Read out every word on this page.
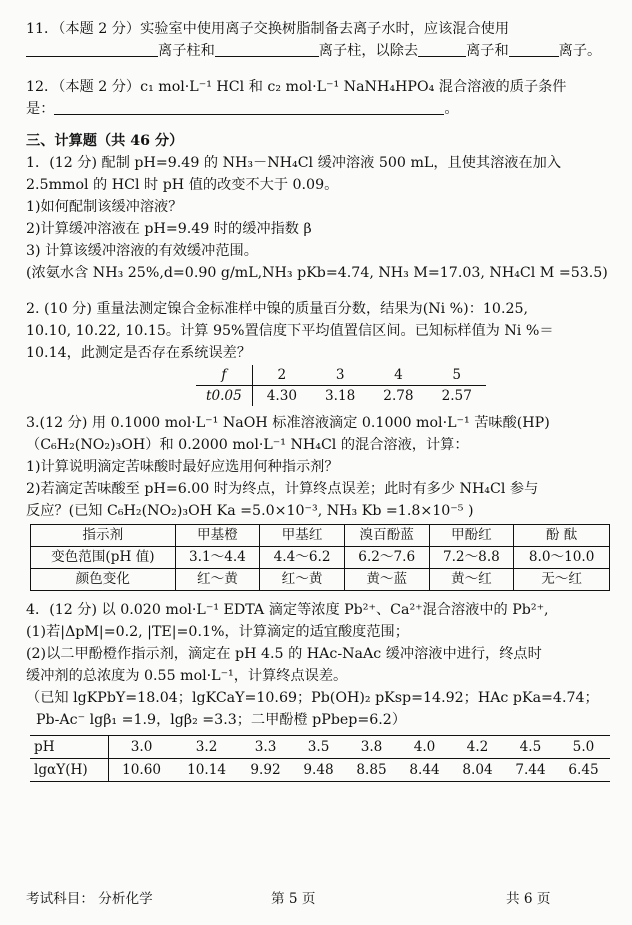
11．（本题 2 分）实验室中使用离子交换树脂制备去离子水时，应该混合使用

离子柱和	离子柱，以除去	离子和	离子。

12．（本题 2 分）c₁ mol·L⁻¹ HCl 和 c₂ mol·L⁻¹ NaNH₄HPO₄ 混合溶液的质子条件

是：	。

三、计算题（共 46 分）

1．(12 分) 配制 pH=9.49 的 NH₃－NH₄Cl 缓冲溶液 500 mL，且使其溶液在加入

2.5mmol 的 HCl 时 pH 值的改变不大于 0.09。

1)如何配制该缓冲溶液？

2)计算缓冲溶液在 pH=9.49 时的缓冲指数 β

3) 计算该缓冲溶液的有效缓冲范围。

(浓氨水含 NH₃ 25%,d=0.90 g/mL,NH₃ pKb=4.74, NH₃ M=17.03, NH₄Cl M =53.5)

2. (10 分) 重量法测定镍合金标准样中镍的质量百分数，结果为(Ni %)：10.25,

10.10, 10.22, 10.15。计算 95%置信度下平均值置信区间。已知标样值为 Ni %＝

10.14，此测定是否存在系统误差？

f	2	3	4	5
t0.05	4.30	3.18	2.78	2.57

3.(12 分) 用 0.1000 mol·L⁻¹ NaOH 标准溶液滴定 0.1000 mol·L⁻¹ 苦味酸(HP)

（C₆H₂(NO₂)₃OH）和 0.2000 mol·L⁻¹ NH₄Cl 的混合溶液，计算：

1)计算说明滴定苦味酸时最好应选用何种指示剂？

2)若滴定苦味酸至 pH=6.00 时为终点，计算终点误差；此时有多少 NH₄Cl 参与

反应？(已知 C₆H₂(NO₂)₃OH Ka =5.0×10⁻³, NH₃ Kb =1.8×10⁻⁵ )

指示剂	甲基橙	甲基红	溴百酚蓝	甲酚红	酚 酞
变色范围(pH 值)	3.1～4.4	4.4～6.2	6.2～7.6	7.2～8.8	8.0～10.0
颜色变化	红～黄	红～黄	黄～蓝	黄～红	无～红

4．(12 分) 以 0.020 mol·L⁻¹ EDTA 滴定等浓度 Pb²⁺、Ca²⁺混合溶液中的 Pb²⁺,

(1)若|ΔpM|=0.2, |TE|=0.1%，计算滴定的适宜酸度范围；

(2)以二甲酚橙作指示剂，滴定在 pH 4.5 的 HAc-NaAc 缓冲溶液中进行，终点时

缓冲剂的总浓度为 0.55 mol·L⁻¹，计算终点误差。

（已知 lgKPbY=18.04；lgKCaY=10.69；Pb(OH)₂ pKsp=14.92；HAc pKa=4.74；

Pb-Ac⁻ lgβ₁ =1.9，lgβ₂ =3.3；二甲酚橙 pPbep=6.2）

pH	3.0	3.2	3.3	3.5	3.8	4.0	4.2	4.5	5.0
lgαY(H)	10.60	10.14	9.92	9.48	8.85	8.44	8.04	7.44	6.45
考试科目： 分析化学	第 5 页	共 6 页
